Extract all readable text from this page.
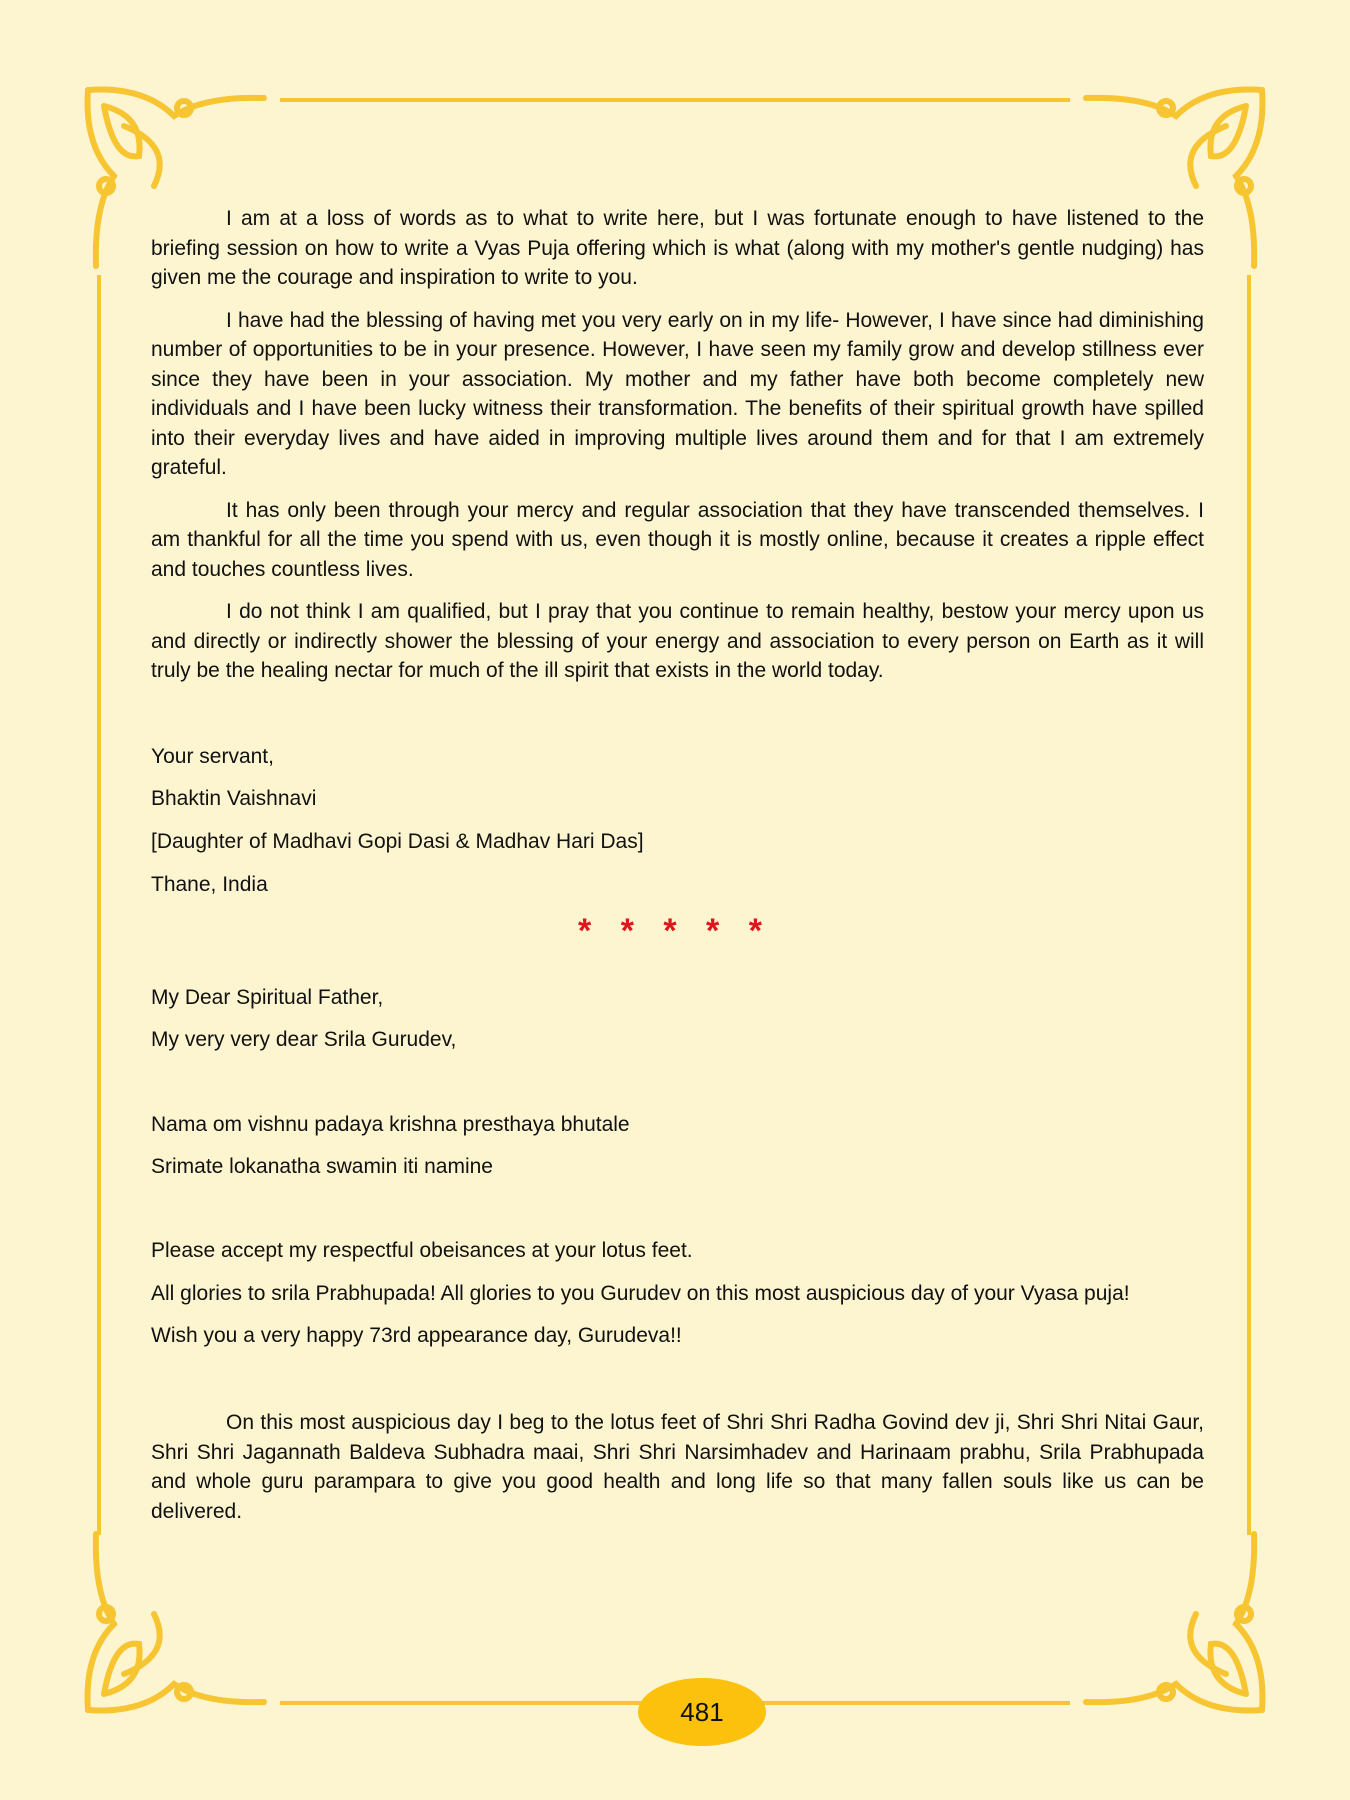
I am at a loss of words as to what to write here, but I was fortunate enough to have listened to the briefing session on how to write a Vyas Puja offering which is what (along with my mother's gentle nudging) has given me the courage and inspiration to write to you.

I have had the blessing of having met you very early on in my life- However, I have since had diminishing number of opportunities to be in your presence. However, I have seen my family grow and develop stillness ever since they have been in your association. My mother and my father have both become completely new individuals and I have been lucky witness their transformation. The benefits of their spiritual growth have spilled into their everyday lives and have aided in improving multiple lives around them and for that I am extremely grateful.

It has only been through your mercy and regular association that they have transcended themselves. I am thankful for all the time you spend with us, even though it is mostly online, because it creates a ripple effect and touches countless lives.

I do not think I am qualified, but I pray that you continue to remain healthy, bestow your mercy upon us and directly or indirectly shower the blessing of your energy and association to every person on Earth as it will truly be the healing nectar for much of the ill spirit that exists in the world today.

Your servant,
Bhaktin Vaishnavi
[Daughter of Madhavi Gopi Dasi & Madhav Hari Das]
Thane, India
* * * * *
My Dear Spiritual Father,
My very very dear Srila Gurudev,
Nama om vishnu padaya krishna presthaya bhutale
Srimate lokanatha swamin iti namine
Please accept my respectful obeisances at your lotus feet.
All glories to srila Prabhupada! All glories to you Gurudev on this most auspicious day of your Vyasa puja!
Wish you a very happy 73rd appearance day, Gurudeva!!

On this most auspicious day I beg to the lotus feet of Shri Shri Radha Govind dev ji, Shri Shri Nitai Gaur, Shri Shri Jagannath Baldeva Subhadra maai, Shri Shri Narsimhadev and Harinaam prabhu, Srila Prabhupada and whole guru parampara to give you good health and long life so that many fallen souls like us can be delivered.

481
